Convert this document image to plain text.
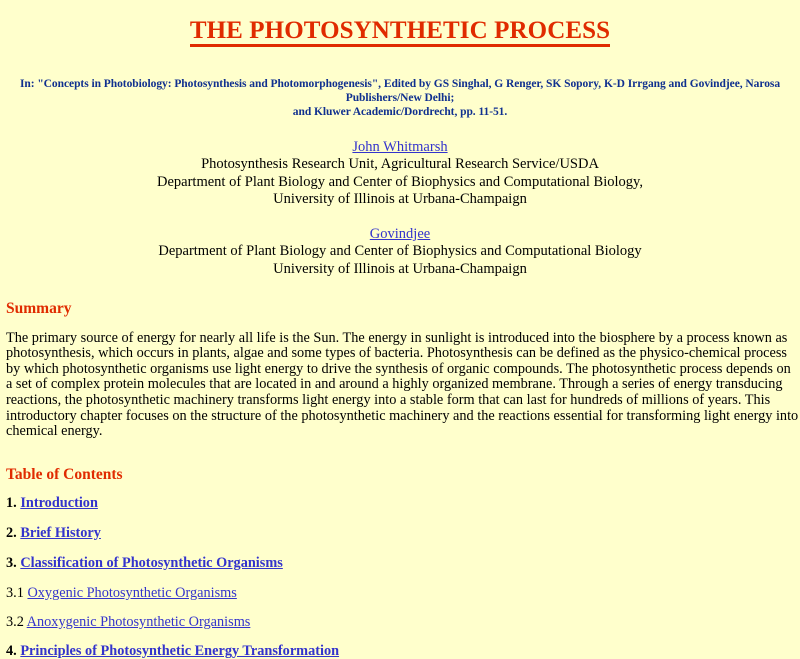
THE PHOTOSYNTHETIC PROCESS
In: "Concepts in Photobiology: Photosynthesis and Photomorphogenesis", Edited by GS Singhal, G Renger, SK Sopory, K-D Irrgang and Govindjee, Narosa Publishers/New Delhi;
and Kluwer Academic/Dordrecht, pp. 11-51.
John Whitmarsh
Photosynthesis Research Unit, Agricultural Research Service/USDA
Department of Plant Biology and Center of Biophysics and Computational Biology,
University of Illinois at Urbana-Champaign
Govindjee
Department of Plant Biology and Center of Biophysics and Computational Biology
University of Illinois at Urbana-Champaign
Summary

The primary source of energy for nearly all life is the Sun. The energy in sunlight is introduced into the biosphere by a process known as photosynthesis, which occurs in plants, algae and some types of bacteria. Photosynthesis can be defined as the physico-chemical process by which photosynthetic organisms use light energy to drive the synthesis of organic compounds. The photosynthetic process depends on a set of complex protein molecules that are located in and around a highly organized membrane. Through a series of energy transducing reactions, the photosynthetic machinery transforms light energy into a stable form that can last for hundreds of millions of years. This introductory chapter focuses on the structure of the photosynthetic machinery and the reactions essential for transforming light energy into chemical energy.

Table of Contents
1. Introduction
2. Brief History
3. Classification of Photosynthetic Organisms
3.1 Oxygenic Photosynthetic Organisms
3.2 Anoxygenic Photosynthetic Organisms
4. Principles of Photosynthetic Energy Transformation
